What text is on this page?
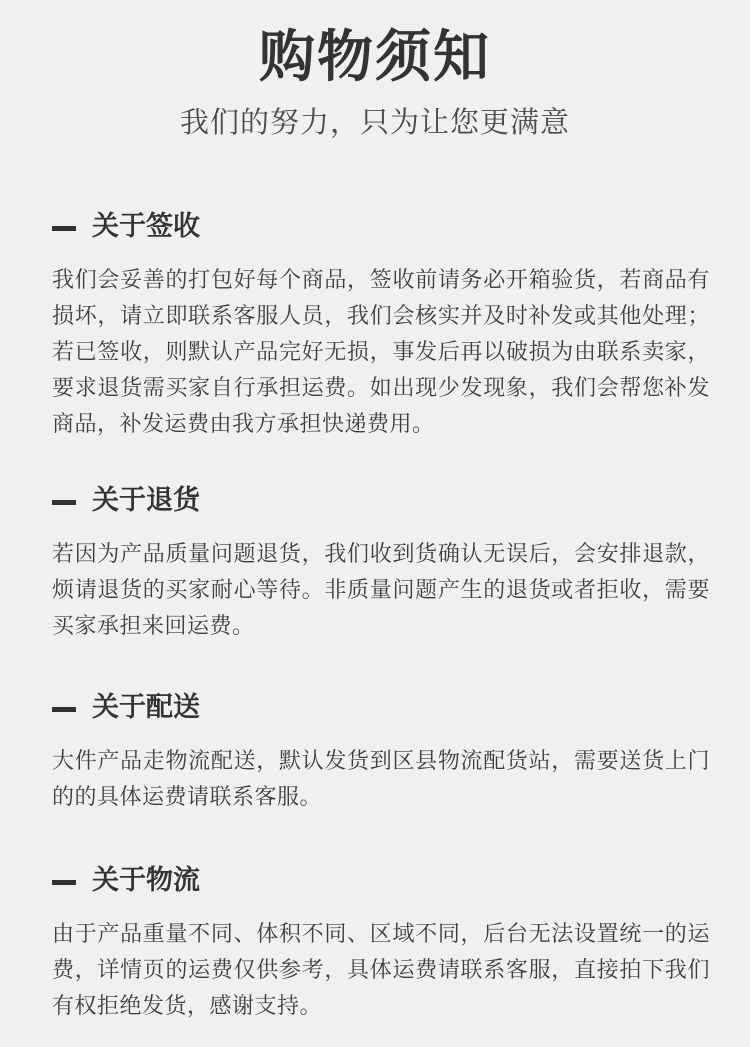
购物须知
我们的努力，只为让您更满意
关于签收
我们会妥善的打包好每个商品，签收前请务必开箱验货，若商品有损坏，请立即联系客服人员，我们会核实并及时补发或其他处理；若已签收，则默认产品完好无损，事发后再以破损为由联系卖家，要求退货需买家自行承担运费。如出现少发现象，我们会帮您补发商品，补发运费由我方承担快递费用。
关于退货
若因为产品质量问题退货，我们收到货确认无误后，会安排退款，烦请退货的买家耐心等待。非质量问题产生的退货或者拒收，需要买家承担来回运费。
关于配送
大件产品走物流配送，默认发货到区县物流配货站，需要送货上门的的具体运费请联系客服。
关于物流
由于产品重量不同、体积不同、区域不同，后台无法设置统一的运费，详情页的运费仅供参考，具体运费请联系客服，直接拍下我们有权拒绝发货，感谢支持。
